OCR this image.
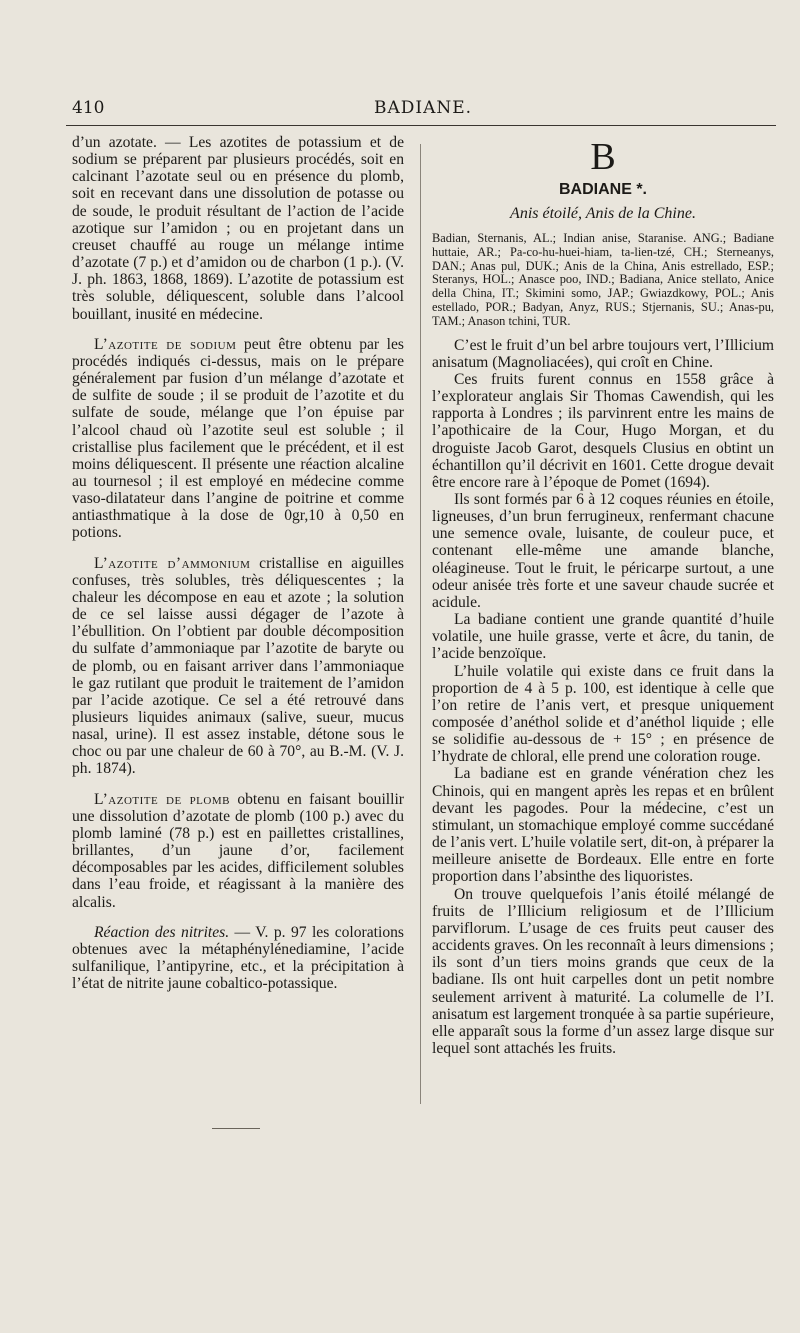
410	BADIANE.

d’un azotate. — Les azotites de potassium et de sodium se préparent par plusieurs procédés, soit en calcinant l’azotate seul ou en présence du plomb, soit en recevant dans une dissolution de potasse ou de soude, le produit résultant de l’action de l’acide azotique sur l’amidon ; ou en projetant dans un creuset chauffé au rouge un mélange intime d’azotate (7 p.) et d’amidon ou de charbon (1 p.). (V. J. ph. 1863, 1868, 1869). L’azotite de potassium est très soluble, déliquescent, soluble dans l’alcool bouillant, inusité en médecine.

L’azotite de sodium peut être obtenu par les procédés indiqués ci-dessus, mais on le prépare généralement par fusion d’un mélange d’azotate et de sulfite de soude ; il se produit de l’azotite et du sulfate de soude, mélange que l’on épuise par l’alcool chaud où l’azotite seul est soluble ; il cristallise plus facilement que le précédent, et il est moins déliquescent. Il présente une réaction alcaline au tournesol ; il est employé en médecine comme vaso-dilatateur dans l’angine de poitrine et comme antiasthmatique à la dose de 0gr,10 à 0,50 en potions.

L’azotite d’ammonium cristallise en aiguilles confuses, très solubles, très déliquescentes ; la chaleur les décompose en eau et azote ; la solution de ce sel laisse aussi dégager de l’azote à l’ébullition. On l’obtient par double décomposition du sulfate d’ammoniaque par l’azotite de baryte ou de plomb, ou en faisant arriver dans l’ammoniaque le gaz rutilant que produit le traitement de l’amidon par l’acide azotique. Ce sel a été retrouvé dans plusieurs liquides animaux (salive, sueur, mucus nasal, urine). Il est assez instable, détone sous le choc ou par une chaleur de 60 à 70°, au B.-M. (V. J. ph. 1874).

L’azotite de plomb obtenu en faisant bouillir une dissolution d’azotate de plomb (100 p.) avec du plomb laminé (78 p.) est en paillettes cristallines, brillantes, d’un jaune d’or, facilement décomposables par les acides, difficilement solubles dans l’eau froide, et réagissant à la manière des alcalis.

Réaction des nitrites. — V. p. 97 les colorations obtenues avec la métaphénylénediamine, l’acide sulfanilique, l’antipyrine, etc., et la précipitation à l’état de nitrite jaune cobaltico-potassique.

B
BADIANE *.
Anis étoilé, Anis de la Chine.

Badian, Sternanis, AL.; Indian anise, Staranise. ANG.; Badiane huttaie, AR.; Pa-co-hu-huei-hiam, ta-lien-tzé, CH.; Sterneanys, DAN.; Anas pul, DUK.; Anis de la China, Anis estrellado, ESP.; Steranys, HOL.; Anasce poo, IND.; Badiana, Anice stellato, Anice della China, IT.; Skimini somo, JAP.; Gwiazdkowy, POL.; Anis estellado, POR.; Badyan, Anyz, RUS.; Stjernanis, SU.; Anas-pu, TAM.; Anason tchini, TUR.

C’est le fruit d’un bel arbre toujours vert, l’Illicium anisatum (Magnoliacées), qui croît en Chine.

Ces fruits furent connus en 1558 grâce à l’explorateur anglais Sir Thomas Cawendish, qui les rapporta à Londres ; ils parvinrent entre les mains de l’apothicaire de la Cour, Hugo Morgan, et du droguiste Jacob Garot, desquels Clusius en obtint un échantillon qu’il décrivit en 1601. Cette drogue devait être encore rare à l’époque de Pomet (1694).

Ils sont formés par 6 à 12 coques réunies en étoile, ligneuses, d’un brun ferrugineux, renfermant chacune une semence ovale, luisante, de couleur puce, et contenant elle-même une amande blanche, oléagineuse. Tout le fruit, le péricarpe surtout, a une odeur anisée très forte et une saveur chaude sucrée et acidule.

La badiane contient une grande quantité d’huile volatile, une huile grasse, verte et âcre, du tanin, de l’acide benzoïque.

L’huile volatile qui existe dans ce fruit dans la proportion de 4 à 5 p. 100, est identique à celle que l’on retire de l’anis vert, et presque uniquement composée d’anéthol solide et d’anéthol liquide ; elle se solidifie au-dessous de + 15° ; en présence de l’hydrate de chloral, elle prend une coloration rouge.

La badiane est en grande vénération chez les Chinois, qui en mangent après les repas et en brûlent devant les pagodes. Pour la médecine, c’est un stimulant, un stomachique employé comme succédané de l’anis vert. L’huile volatile sert, dit-on, à préparer la meilleure anisette de Bordeaux. Elle entre en forte proportion dans l’absinthe des liquoristes.

On trouve quelquefois l’anis étoilé mélangé de fruits de l’Illicium religiosum et de l’Illicium parviflorum. L’usage de ces fruits peut causer des accidents graves. On les reconnaît à leurs dimensions ; ils sont d’un tiers moins grands que ceux de la badiane. Ils ont huit carpelles dont un petit nombre seulement arrivent à maturité. La columelle de l’I. anisatum est largement tronquée à sa partie supérieure, elle apparaît sous la forme d’un assez large disque sur lequel sont attachés les fruits.
